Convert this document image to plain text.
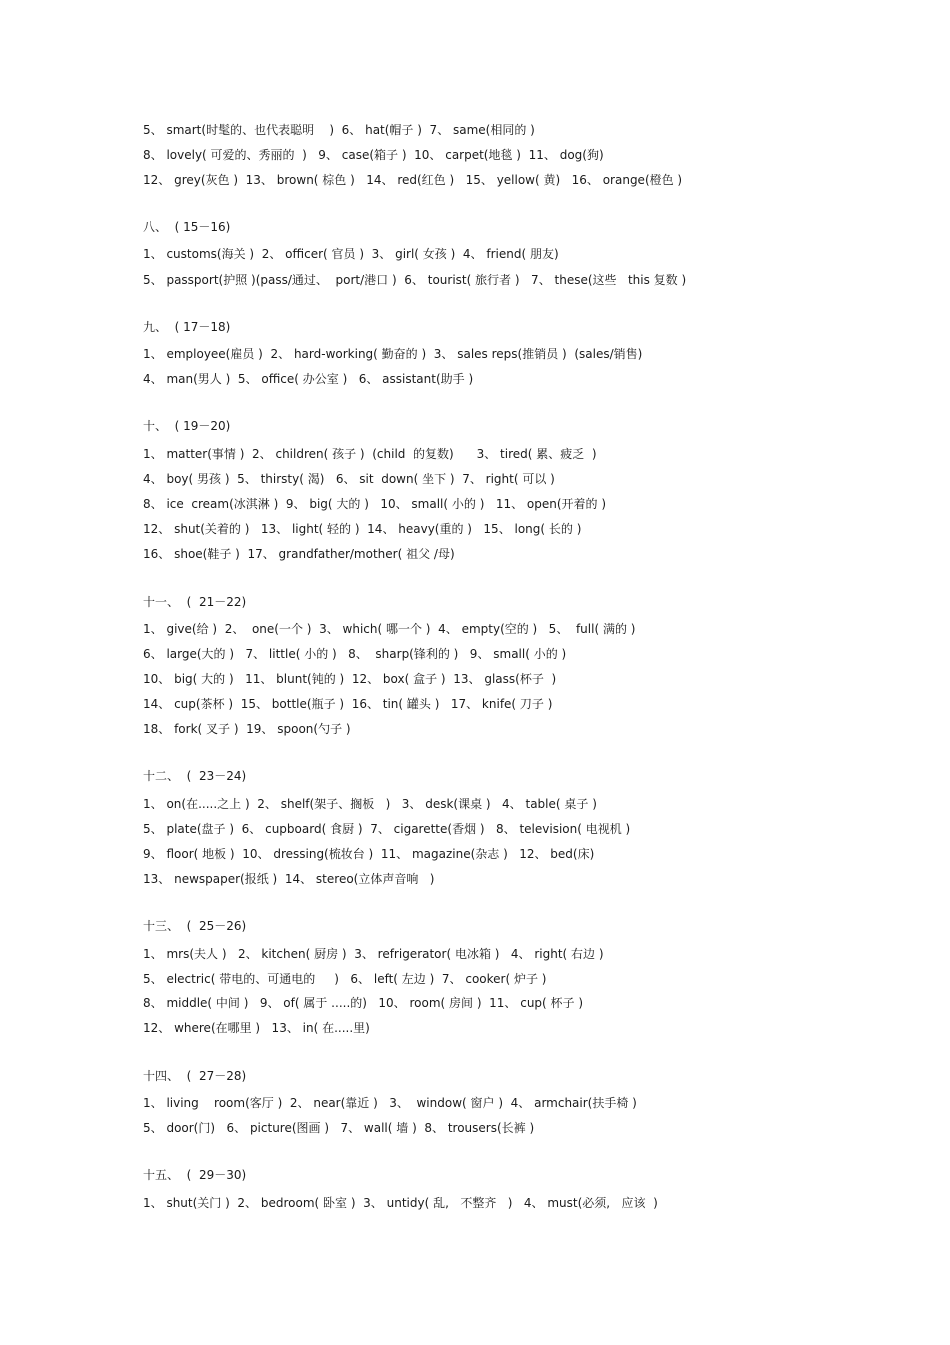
5、 smart(时髦的、也代表聪明    )  6、 hat(帽子 )  7、 same(相同的 )
8、 lovely( 可爱的、秀丽的  )   9、 case(箱子 )  10、 carpet(地毯 )  11、 dog(狗)
12、 grey(灰色 )  13、 brown( 棕色 )   14、 red(红色 )   15、 yellow( 黄)   16、 orange(橙色 )
八、  ( 15－16)
1、 customs(海关 )  2、 officer( 官员 )  3、 girl( 女孩 )  4、 friend( 朋友)
5、 passport(护照 )(pass/通过、  port/港口 )  6、 tourist( 旅行者 )   7、 these(这些   this 复数 )
九、  ( 17－18)
1、 employee(雇员 )  2、 hard-working( 勤奋的 )  3、 sales reps(推销员 )  (sales/销售)
4、 man(男人 )  5、 office( 办公室 )   6、 assistant(助手 )
十、  ( 19－20)
1、 matter(事情 )  2、 children( 孩子 )  (child  的复数)      3、 tired( 累、疲乏  )
4、 boy( 男孩 )  5、 thirsty( 渴)   6、 sit  down( 坐下 )  7、 right( 可以 )
8、 ice  cream(冰淇淋 )  9、 big( 大的 )   10、 small( 小的 )   11、 open(开着的 )
12、 shut(关着的 )   13、 light( 轻的 )  14、 heavy(重的 )   15、 long( 长的 )
16、 shoe(鞋子 )  17、 grandfather/mother( 祖父 /母)
十一、  (  21－22)
1、 give(给 )  2、  one(一个 )  3、 which( 哪一个 )  4、 empty(空的 )   5、  full( 满的 )
6、 large(大的 )   7、 little( 小的 )   8、  sharp(锋利的 )   9、 small( 小的 )
10、 big( 大的 )   11、 blunt(钝的 )  12、 box( 盒子 )  13、 glass(杯子  )
14、 cup(茶杯 )  15、 bottle(瓶子 )  16、 tin( 罐头 )   17、 knife( 刀子 )
18、 fork( 叉子 )  19、 spoon(勺子 )
十二、  (  23－24)
1、 on(在.....之上 )  2、 shelf(架子、搁板   )   3、 desk(课桌 )   4、 table( 桌子 )
5、 plate(盘子 )  6、 cupboard( 食厨 )  7、 cigarette(香烟 )   8、 television( 电视机 )
9、 floor( 地板 )  10、 dressing(梳妆台 )  11、 magazine(杂志 )   12、 bed(床)
13、 newspaper(报纸 )  14、 stereo(立体声音响   )
十三、  (  25－26)
1、 mrs(夫人 )   2、 kitchen( 厨房 )  3、 refrigerator( 电冰箱 )   4、 right( 右边 )
5、 electric( 带电的、可通电的     )   6、 left( 左边 )  7、 cooker( 炉子 )
8、 middle( 中间 )   9、 of( 属于 .....的)   10、 room( 房间 )  11、 cup( 杯子 )
12、 where(在哪里 )   13、 in( 在.....里)
十四、  (  27－28)
1、 living    room(客厅 )  2、 near(靠近 )   3、  window( 窗户 )  4、 armchair(扶手椅 )
5、 door(门)   6、 picture(图画 )   7、 wall( 墙 )  8、 trousers(长裤 )
十五、  (  29－30)
1、 shut(关门 )  2、 bedroom( 卧室 )  3、 untidy( 乱,   不整齐   )   4、 must(必须,   应该  )
